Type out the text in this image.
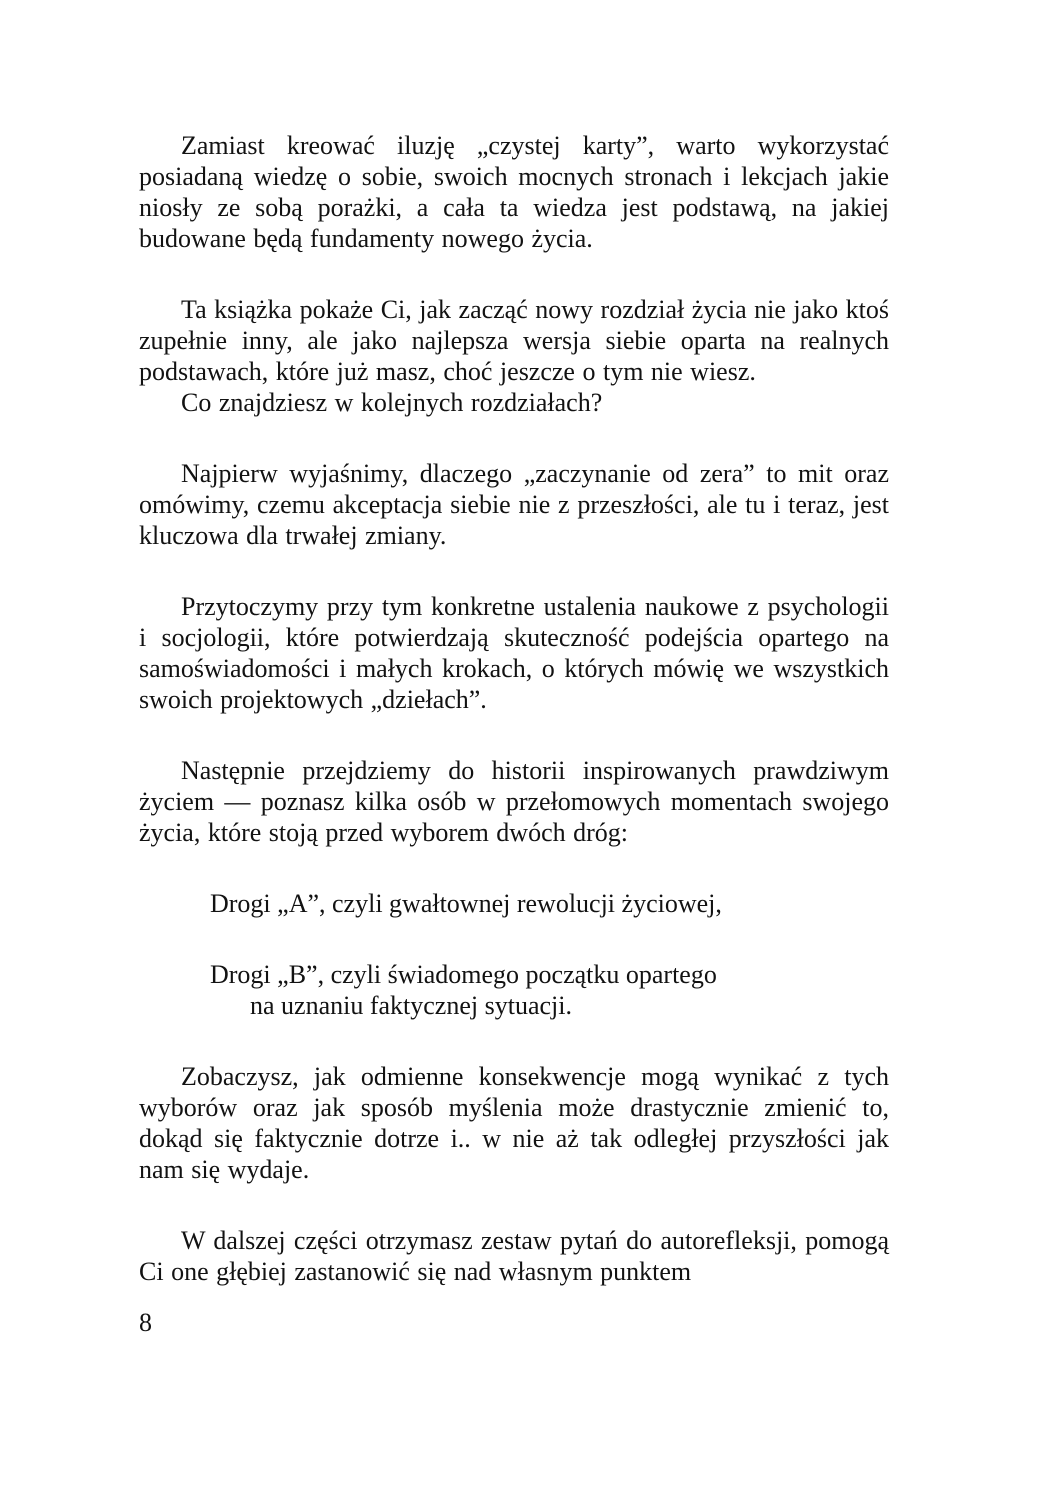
Zamiast kreować iluzję „czystej karty”, warto wykorzystać posiadaną wiedzę o sobie, swoich mocnych stronach i lekcjach jakie niosły ze sobą porażki, a cała ta wiedza jest podstawą, na jakiej budowane będą fundamenty nowego życia.

Ta książka pokaże Ci, jak zacząć nowy rozdział życia nie jako ktoś zupełnie inny, ale jako najlepsza wersja siebie oparta na realnych podstawach, które już masz, choć jeszcze o tym nie wiesz.

Co znajdziesz w kolejnych rozdziałach?

Najpierw wyjaśnimy, dlaczego „zaczynanie od zera” to mit oraz omówimy, czemu akceptacja siebie nie z przeszłości, ale tu i teraz, jest kluczowa dla trwałej zmiany.

Przytoczymy przy tym konkretne ustalenia naukowe z psychologii i socjologii, które potwierdzają skuteczność podejścia opartego na samoświadomości i małych krokach, o których mówię we wszystkich swoich projektowych „dziełach”.

Następnie przejdziemy do historii inspirowanych prawdziwym życiem — poznasz kilka osób w przełomowych momentach swojego życia, które stoją przed wyborem dwóch dróg:

Drogi „A”, czyli gwałtownej rewolucji życiowej,

Drogi „B”, czyli świadomego początku opartego

na uznaniu faktycznej sytuacji.

Zobaczysz, jak odmienne konsekwencje mogą wynikać z tych wyborów oraz jak sposób myślenia może drastycznie zmienić to, dokąd się faktycznie dotrze i.. w nie aż tak odległej przyszłości jak nam się wydaje.

W dalszej części otrzymasz zestaw pytań do autorefleksji, pomogą Ci one głębiej zastanowić się nad własnym punktem

8
